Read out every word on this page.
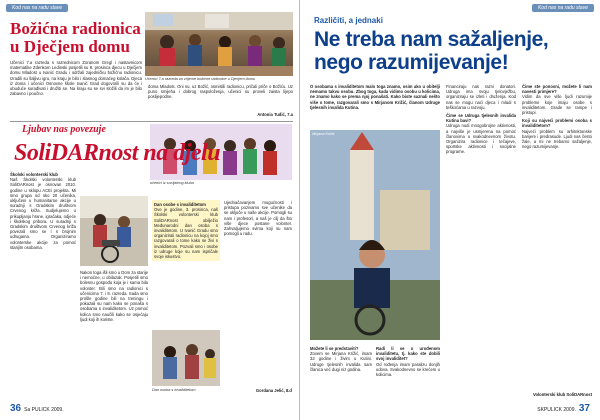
Kod nas na radu stave
Božićna radionica
u Dječjem domu
Učenici 7.a razreda za vrijeme božićne radionice u Dječjem domu
Učenici 7.a razreda s razrednicom Zoranom Gregl i nastavnicom matematike Zdenkom Ledinski posjetili su 8. prosinca djecu u Dječjem domu Mladost u Ivanić Gradu i održali zajedničku božićnu radionicu. Izradili su šaljivu igru, na kraju je bilo i slasnog domaćeg kolača. Djeca iz doma i učenici Osnovne škole Ivanić Grad dogovorili su da će i ubuduće surađivati i družiti se. Na kraju su se svi složili da im je bilo zabavno i poučno.
doma Mladost. Oni su, uz Božić, osmislili radionicu, pričali priče o Božiću. Uz puno smijeha i dobrog raspoloženja, učenici su proveli zaista lijepo poslijepodne.
Antonia Tudić, 7.a
Ljubav nas povezuje
učenici iz socijalnog kluba
SoliDARnost na djelu
Školski volonterski klub
Naš Školski volonterski klub SoliDARnost je osnovan 2010. godine u sklopu ACEi projekta. Mi smo grupa od oko 20 učenika, uključeni u humanitarne akcije u suradnji s Gradskim društvom Crvenog križa. Sudjelujemo u prikupljanju hrane, igračaka, odjeće i školskog pribora. U suradnji s Gradskim društvom Crvenog križa povezali smo se i s brojnim udrugama. Organiziramo volonterske akcije za pomoć starijim osobama.
Nakon toga išli smo u Dom za starije i nemoćne, u obilazak. Posjetili smo bolesnu gospođu koja je i sama bila volonter. Bili smo na radionici s učenicima 7. i 8. razreda. Sada smo prošle godine bili na treningu i pokazali su nam kako se ponaša s osobama s invaliditetom. Uz pomoć kolica smo naučili kako se osjećaju ljudi koji ih koriste.
Dan osobe s invaliditetom
Ove je godine, 3. prosinca, naš Školski volonterski klub SoliDARnost obilježio Međunarodni dan osoba s invaliditetom. U Ivanić Gradu smo organizirali radionicu na kojoj smo razgovarali o tome kako se živi s invaliditetom. Pozvali smo i osobe iz udruge koje su nam ispričale svoje iskustvo.
Dan osoba s invaliditetom
Ujednačavanjem mogućnosti i pristupa pozivamo sve učenike da se uključe u naše akcije. Pomogli su nam i profesori, a naš je cilj da što više djece postane volonter. Zahvaljujemo svima koji su nam pomogli u radu.
Gordana Jelić, 8.d
36 Sa PULICK 2009.
Kod nas na radu stave
Različiti, a jednaki
Ne treba nam sažaljenje,
nego razumijevanje!
O osobama s invaliditetom malo toga znamo, osim ako u obitelji nemamo takvu osobu. Zbog toga, kada vidimo osobu u kolicima, ne znamo kako se prema njoj ponašati. Kako biste saznali nešto više o tome, razgovarali smo s Mirjanom Križić, članom Udruge tjelesnih invalida Kutina.
Mirjana Križić
Možete li se predstaviti?
Zovem se Mirjana Križić, imam 32 godine i živim u Kutini. Udruge tjelesnih invalida sam članica već dugi niz godina.
Radi li se o urođenom invaliditetu, tj. kako ste dobili svoj invaliditet?
Od rođenja imam paralizu donjih udova. Svakodnevno se krećem u kolicima.
Financiraju nas razni donatori. Udruga ima svoju tjelovježbu, organiziraju se izleti i druženja. Kod nas se mogu naći djeca i mladi s teškoćama u razvoju.
Čime se Udruga tjelesnih invalida Kutina bavi?
Udruga nudi mnogobrojne aktivnosti, a najviše je usmjerena na pomoć članovima u svakodnevnom životu. Organizira radionice i tečajeve, sportske aktivnosti i socijalne programe.
Čime ste ponosni, možete li nam navesti primjere?
Vidim da sve više ljudi razumije probleme koje imaju osobe s invaliditetom. Grade se rampe i pristupi.
Koji su najveći problemi osoba s invaliditetom?
Najveći problem su arhitektonske barijere i predrasude. Ljudi nas često žale, a mi ne trebamo sažaljenje, nego razumijevanje.
Volonterski klub SoliDARnost
SKPULICK 2009. 37
